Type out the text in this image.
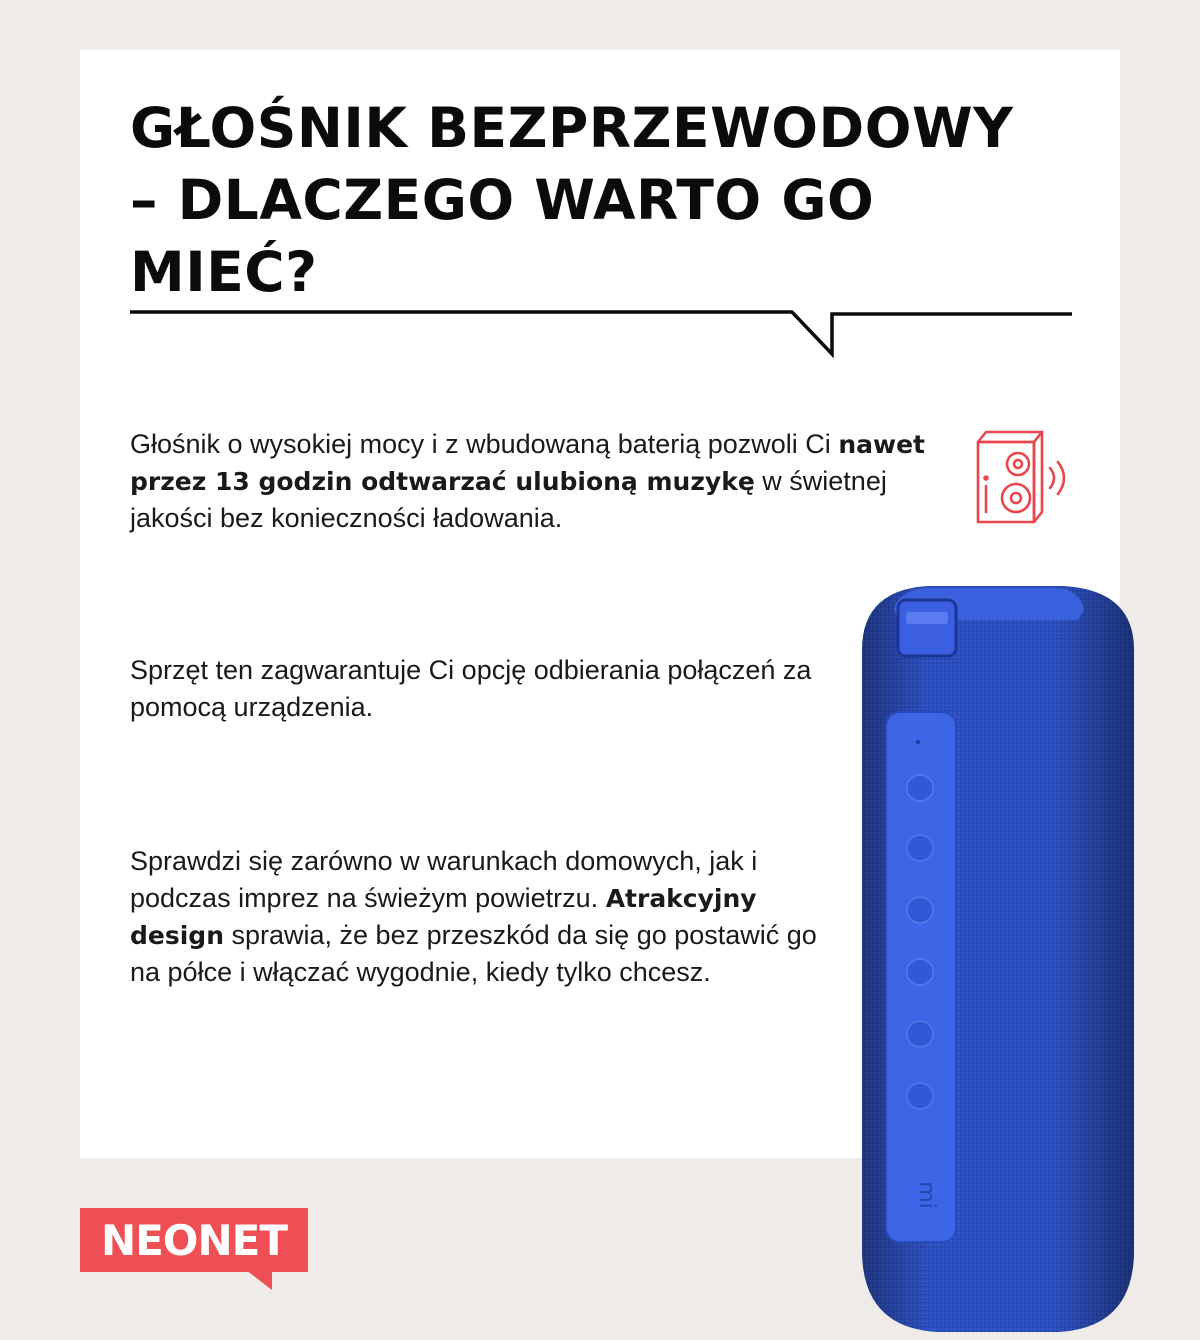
GŁOŚNIK BEZPRZEWODOWY
– DLACZEGO WARTO GO
MIEĆ?

Głośnik o wysokiej mocy i z wbudowaną baterią pozwoli Ci nawet przez 13 godzin odtwarzać ulubioną muzykę w świetnej jakości bez konieczności ładowania.

Sprzęt ten zagwarantuje Ci opcję odbierania połączeń za pomocą urządzenia.

Sprawdzi się zarówno w warunkach domowych, jak i podczas imprez na świeżym powietrzu. Atrakcyjny design sprawia, że bez przeszkód da się go postawić go na półce i włączać wygodnie, kiedy tylko chcesz.

mi
NEONET
